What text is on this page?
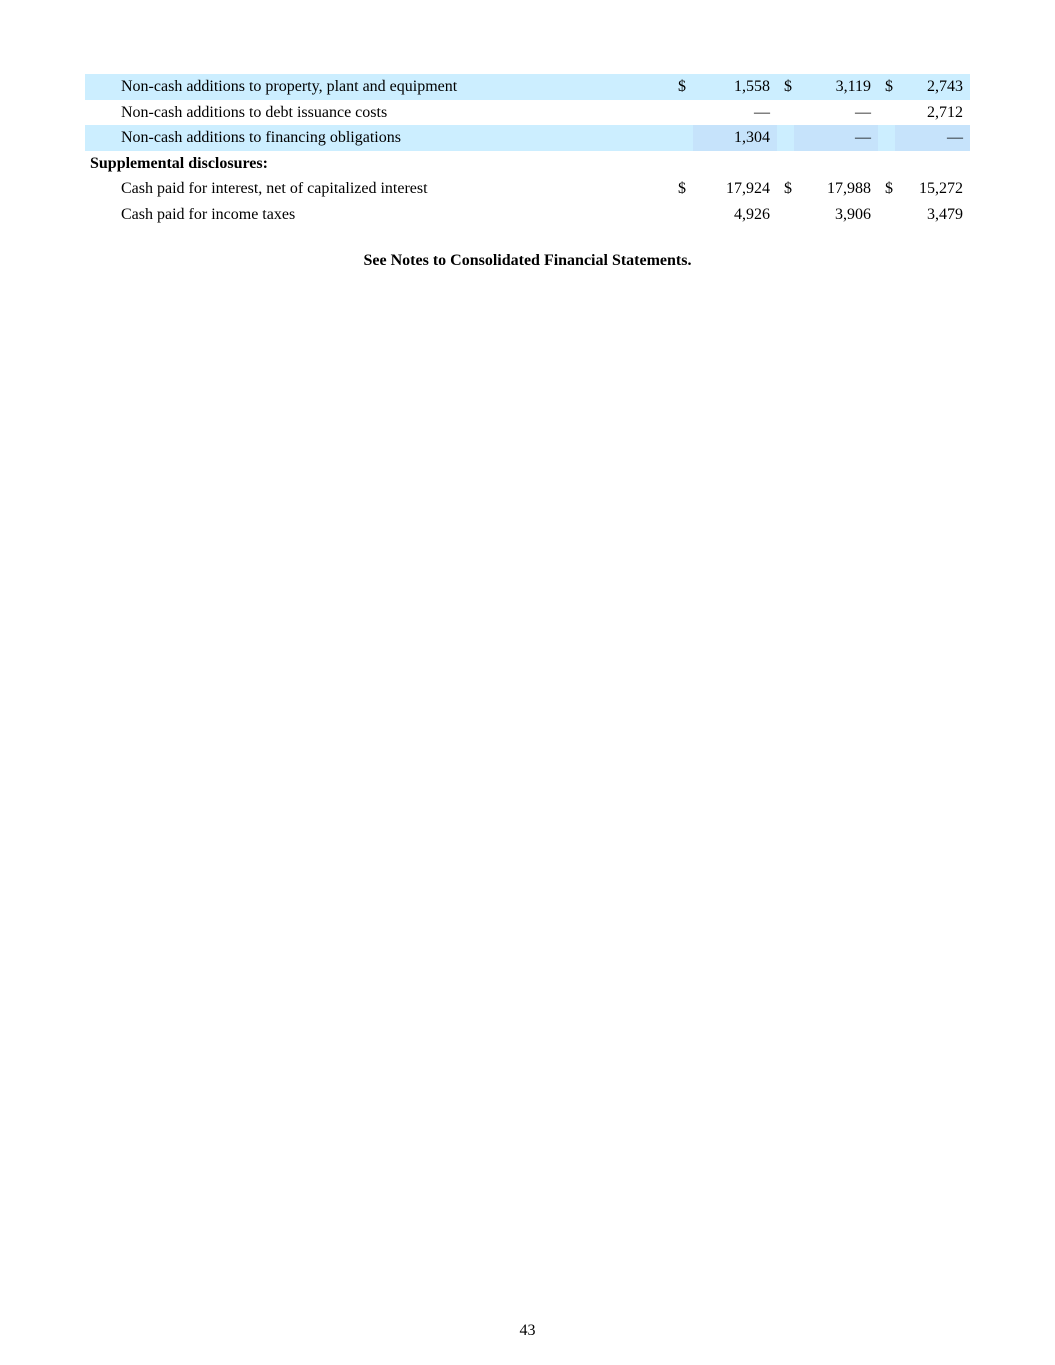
Non-cash additions to property, plant and equipment	$	1,558	$	3,119	$	2,743
Non-cash additions to debt issuance costs		—		—		2,712
Non-cash additions to financing obligations		1,304		—		—
Supplemental disclosures:						
Cash paid for interest, net of capitalized interest	$	17,924	$	17,988	$	15,272
Cash paid for income taxes		4,926		3,906		3,479
See Notes to Consolidated Financial Statements.
43
